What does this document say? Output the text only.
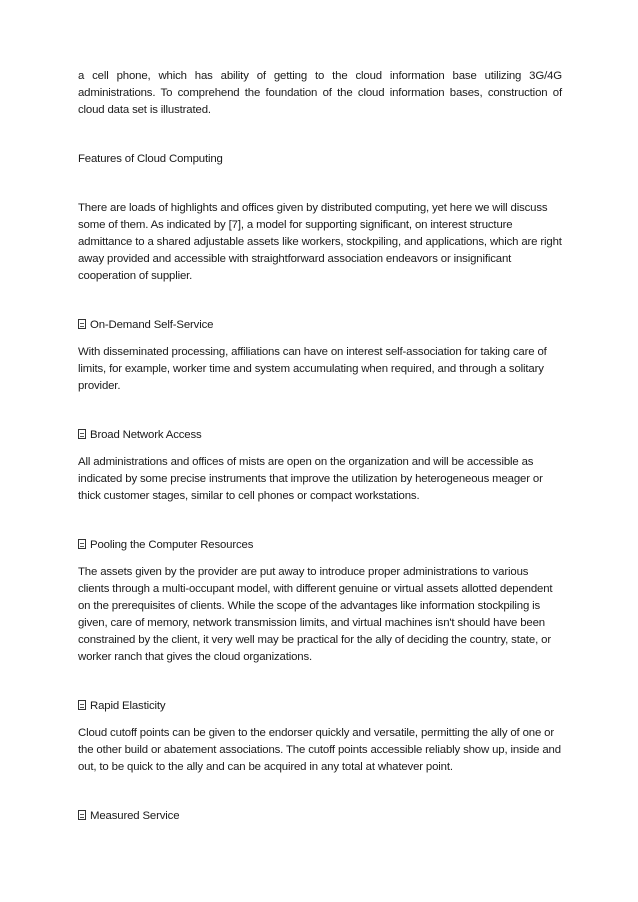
a cell phone, which has ability of getting to the cloud information base utilizing 3G/4G administrations. To comprehend the foundation of the cloud information bases, construction of cloud data set is illustrated.

Features of Cloud Computing

There are loads of highlights and offices given by distributed computing, yet here we will discuss some of them. As indicated by [7], a model for supporting significant, on interest structure admittance to a shared adjustable assets like workers, stockpiling, and applications, which are right away provided and accessible with straightforward association endeavors or insignificant cooperation of supplier.

On-Demand Self-Service

With disseminated processing, affiliations can have on interest self-association for taking care of limits, for example, worker time and system accumulating when required, and through a solitary provider.

Broad Network Access

All administrations and offices of mists are open on the organization and will be accessible as indicated by some precise instruments that improve the utilization by heterogeneous meager or thick customer stages, similar to cell phones or compact workstations.

Pooling the Computer Resources

The assets given by the provider are put away to introduce proper administrations to various clients through a multi-occupant model, with different genuine or virtual assets allotted dependent on the prerequisites of clients. While the scope of the advantages like information stockpiling is given, care of memory, network transmission limits, and virtual machines isn't should have been constrained by the client, it very well may be practical for the ally of deciding the country, state, or worker ranch that gives the cloud organizations.

Rapid Elasticity

Cloud cutoff points can be given to the endorser quickly and versatile, permitting the ally of one or the other build or abatement associations. The cutoff points accessible reliably show up, inside and out, to be quick to the ally and can be acquired in any total at whatever point.

Measured Service
